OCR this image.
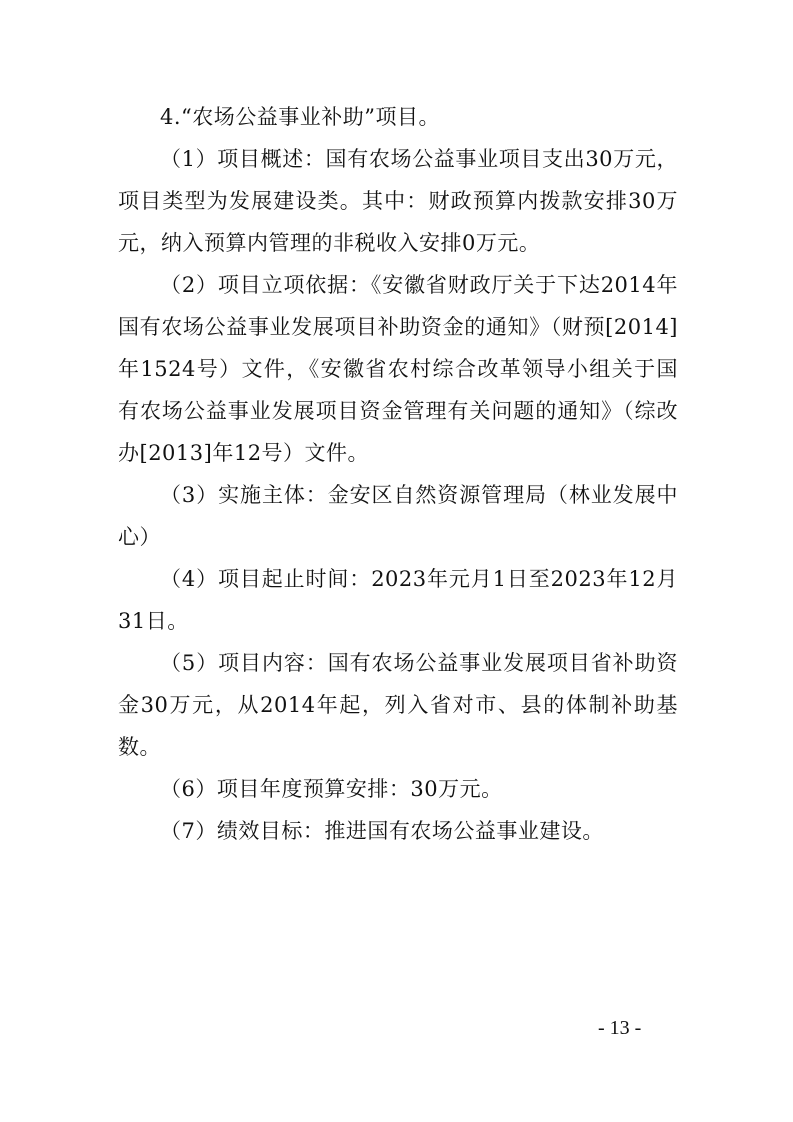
4.“农场公益事业补助”项目。

（1）项目概述：国有农场公益事业项目支出30万元，项目类型为发展建设类。其中：财政预算内拨款安排30万元，纳入预算内管理的非税收入安排0万元。

（2）项目立项依据：《安徽省财政厅关于下达2014年国有农场公益事业发展项目补助资金的通知》（财预[2014]年1524号）文件，《安徽省农村综合改革领导小组关于国有农场公益事业发展项目资金管理有关问题的通知》（综改办[2013]年12号）文件。

（3）实施主体：金安区自然资源管理局（林业发展中心）

（4）项目起止时间：2023年元月1日至2023年12月31日。

（5）项目内容：国有农场公益事业发展项目省补助资金30万元，从2014年起，列入省对市、县的体制补助基数。

（6）项目年度预算安排：30万元。

（7）绩效目标：推进国有农场公益事业建设。

- 13 -
